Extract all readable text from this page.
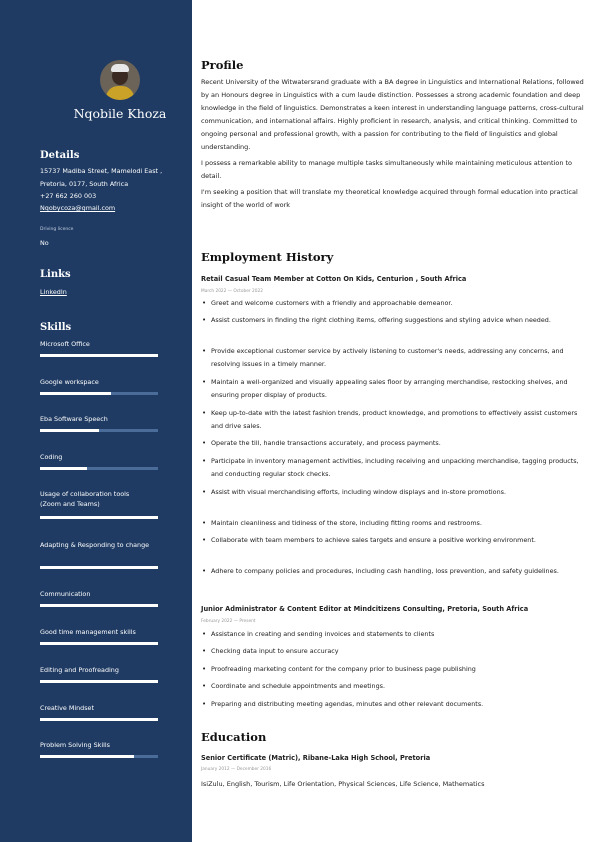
Nqobile Khoza
Details
15737 Madiba Street, Mamelodi East ,
Pretoria, 0177, South Africa
+27 662 260 003
Nqobycoza@gmail.com
Driving licence
No
Links
LinkedIn
Skills
Microsoft Office
Google workspace
Eba Software Speech
Coding
Usage of collaboration tools (Zoom and Teams)
Adapting & Responding to change
Communication
Good time management skills
Editing and Proofreading
Creative Mindset
Problem Solving Skills
Profile

Recent University of the Witwatersrand graduate with a BA degree in Linguistics and International Relations, followed by an Honours degree in Linguistics with a cum laude distinction. Possesses a strong academic foundation and deep knowledge in the field of linguistics. Demonstrates a keen interest in understanding language patterns, cross-cultural communication, and international affairs. Highly proficient in research, analysis, and critical thinking. Committed to ongoing personal and professional growth, with a passion for contributing to the field of linguistics and global understanding.

I possess a remarkable ability to manage multiple tasks simultaneously while maintaining meticulous attention to detail.

I'm seeking a position that will translate my theoretical knowledge acquired through formal education into practical insight of the world of work

Employment History
Retail Casual Team Member at Cotton On Kids, Centurion , South Africa
March 2022 — October 2022
• Greet and welcome customers with a friendly and approachable demeanor.
• Assist customers in finding the right clothing items, offering suggestions and styling advice when needed.
• Provide exceptional customer service by actively listening to customer's needs, addressing any concerns, and resolving issues in a timely manner.
• Maintain a well-organized and visually appealing sales floor by arranging merchandise, restocking shelves, and ensuring proper display of products.
• Keep up-to-date with the latest fashion trends, product knowledge, and promotions to effectively assist customers and drive sales.
• Operate the till, handle transactions accurately, and process payments.
• Participate in inventory management activities, including receiving and unpacking merchandise, tagging products, and conducting regular stock checks.
• Assist with visual merchandising efforts, including window displays and in-store promotions.
• Maintain cleanliness and tidiness of the store, including fitting rooms and restrooms.
• Collaborate with team members to achieve sales targets and ensure a positive working environment.
• Adhere to company policies and procedures, including cash handling, loss prevention, and safety guidelines.
Junior Administrator & Content Editor at Mindcitizens Consulting, Pretoria, South Africa
February 2022 — Present
• Assistance in creating and sending invoices and statements to clients
• Checking data input to ensure accuracy
• Proofreading marketing content for the company prior to business page publishing
• Coordinate and schedule appointments and meetings.
• Preparing and distributing meeting agendas, minutes and other relevant documents.
Education
Senior Certificate (Matric), Ribane-Laka High School, Pretoria
January 2012 — December 2016
IsiZulu, English, Tourism, Life Orientation, Physical Sciences, Life Science, Mathematics
